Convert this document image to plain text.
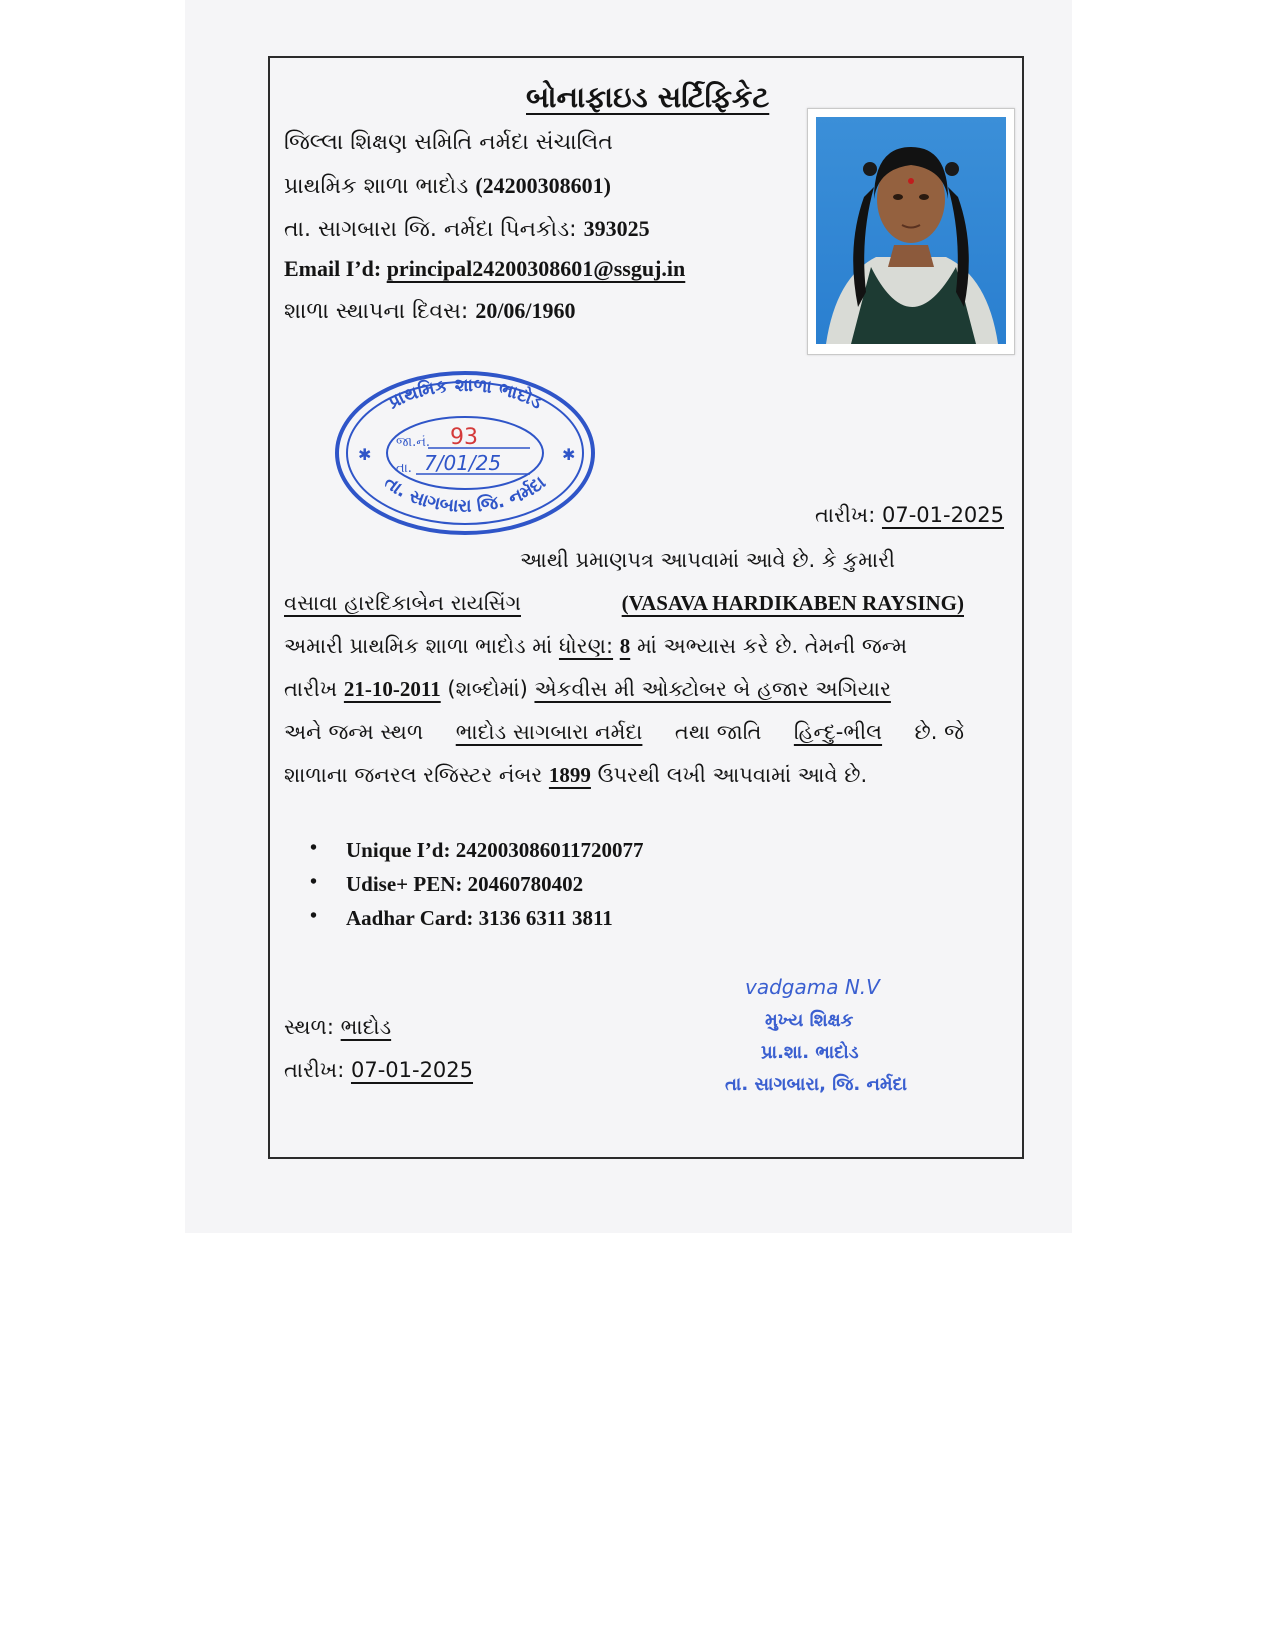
બોનાફાઇડ સર્ટિફિકેટ
જિલ્લા શિક્ષણ સમિતિ નર્મદા સંચાલિત
પ્રાથમિક શાળા ભાદોડ (24200308601)
તા. સાગબારા જિ. નર્મદા પિનકોડ: 393025
Email I’d: principal24200308601@ssguj.in
શાળા સ્થાપના દિવસ: 20/06/1960
પ્રાથમિક શાળા ભાદોડ
તા. સાગબારા જિ. નર્મદા
✱	✱
જા.નં. 93
તા. 7/01/25
તારીખ: 07-01-2025
આથી પ્રમાણપત્ર આપવામાં આવે છે. કે કુમારી
વસાવા હારદિકાબેન રાયસિંગ	(VASAVA HARDIKABEN RAYSING)
અમારી પ્રાથમિક શાળા ભાદોડ માં ધોરણ: 8 માં અભ્યાસ કરે છે. તેમની જન્મ
તારીખ 21-10-2011 (શબ્દોમાં) એકવીસ મી ઓક્ટોબર બે હજાર અગિયાર
અને જન્મ સ્થળ ભાદોડ સાગબારા નર્મદા તથા જાતિ હિન્દુ-ભીલ છે. જે
શાળાના જનરલ રજિસ્ટર નંબર 1899 ઉપરથી લખી આપવામાં આવે છે.
• Unique I’d: 242003086011720077
• Udise+ PEN: 20460780402
• Aadhar Card: 3136 6311 3811
vadgama N.V
મુખ્ય શિક્ષક
પ્રા.શા. ભાદોડ
તા. સાગબારા, જિ. નર્મદા
સ્થળ: ભાદોડ
તારીખ: 07-01-2025
